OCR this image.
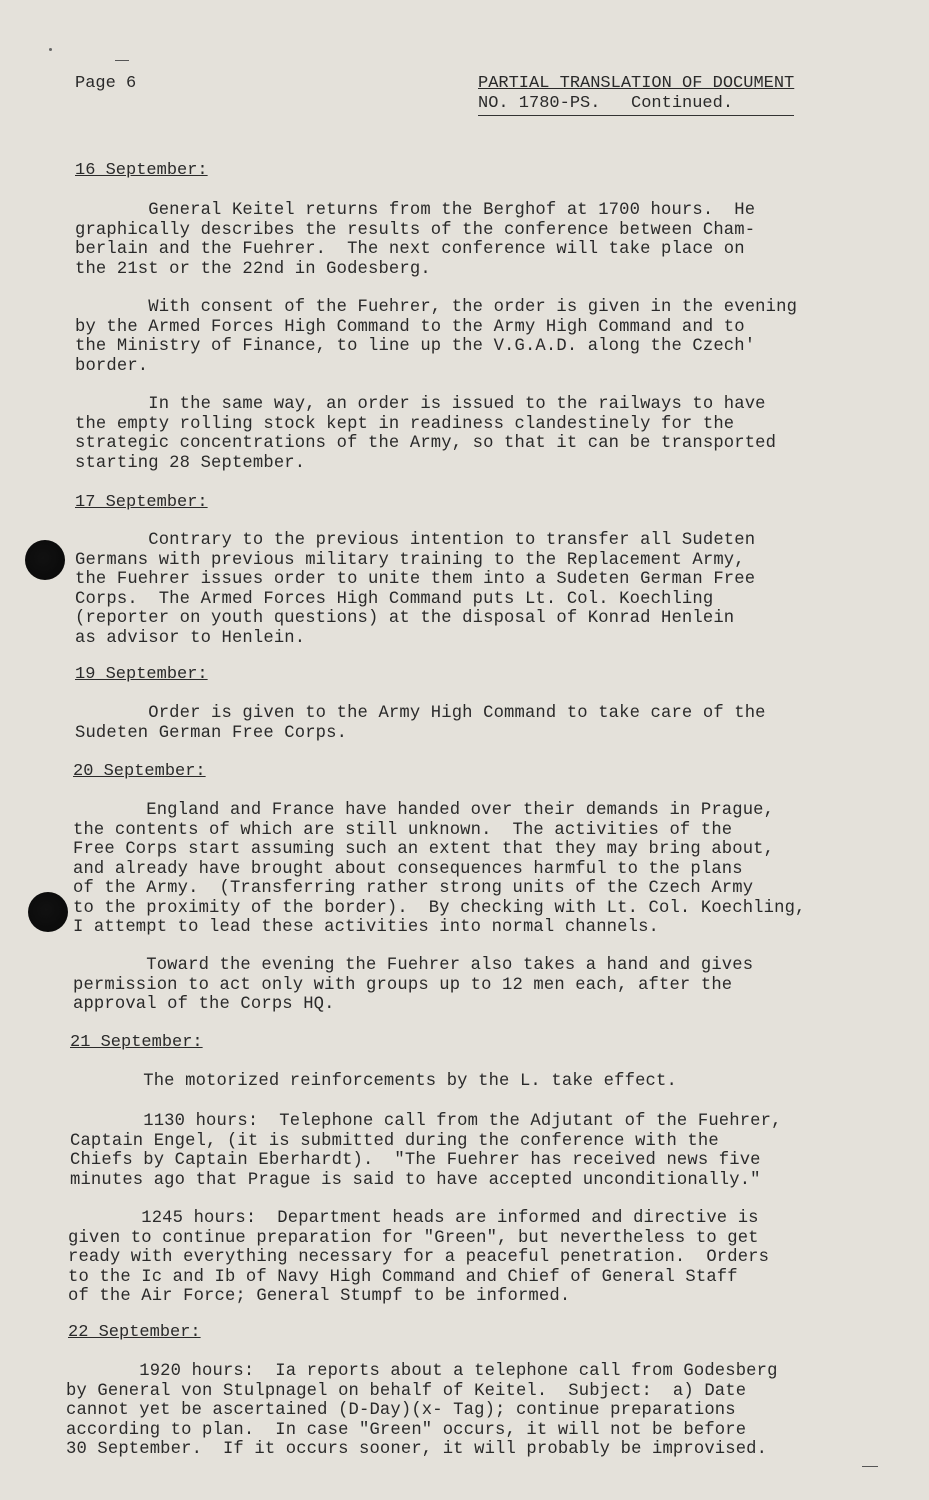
Page 6	PARTIAL TRANSLATION OF DOCUMENT
NO. 1780-PS.   Continued.
16 September:
General Keitel returns from the Berghof at 1700 hours.  He
graphically describes the results of the conference between Cham-
berlain and the Fuehrer.  The next conference will take place on
the 21st or the 22nd in Godesberg.
With consent of the Fuehrer, the order is given in the evening
by the Armed Forces High Command to the Army High Command and to
the Ministry of Finance, to line up the V.G.A.D. along the Czech'
border.
In the same way, an order is issued to the railways to have
the empty rolling stock kept in readiness clandestinely for the
strategic concentrations of the Army, so that it can be transported
starting 28 September.
17 September:
Contrary to the previous intention to transfer all Sudeten
Germans with previous military training to the Replacement Army,
the Fuehrer issues order to unite them into a Sudeten German Free
Corps.  The Armed Forces High Command puts Lt. Col. Koechling
(reporter on youth questions) at the disposal of Konrad Henlein
as advisor to Henlein.
19 September:
Order is given to the Army High Command to take care of the
Sudeten German Free Corps.
20 September:
England and France have handed over their demands in Prague,
the contents of which are still unknown.  The activities of the
Free Corps start assuming such an extent that they may bring about,
and already have brought about consequences harmful to the plans
of the Army.  (Transferring rather strong units of the Czech Army
to the proximity of the border).  By checking with Lt. Col. Koechling,
I attempt to lead these activities into normal channels.
Toward the evening the Fuehrer also takes a hand and gives
permission to act only with groups up to 12 men each, after the
approval of the Corps HQ.
21 September:
The motorized reinforcements by the L. take effect.
1130 hours:  Telephone call from the Adjutant of the Fuehrer,
Captain Engel, (it is submitted during the conference with the
Chiefs by Captain Eberhardt).  "The Fuehrer has received news five
minutes ago that Prague is said to have accepted unconditionally."
1245 hours:  Department heads are informed and directive is
given to continue preparation for "Green", but nevertheless to get
ready with everything necessary for a peaceful penetration.  Orders
to the Ic and Ib of Navy High Command and Chief of General Staff
of the Air Force; General Stumpf to be informed.
22 September:
1920 hours:  Ia reports about a telephone call from Godesberg
by General von Stulpnagel on behalf of Keitel.  Subject:  a) Date
cannot yet be ascertained (D-Day)(x- Tag); continue preparations
according to plan.  In case "Green" occurs, it will not be before
30 September.  If it occurs sooner, it will probably be improvised.
